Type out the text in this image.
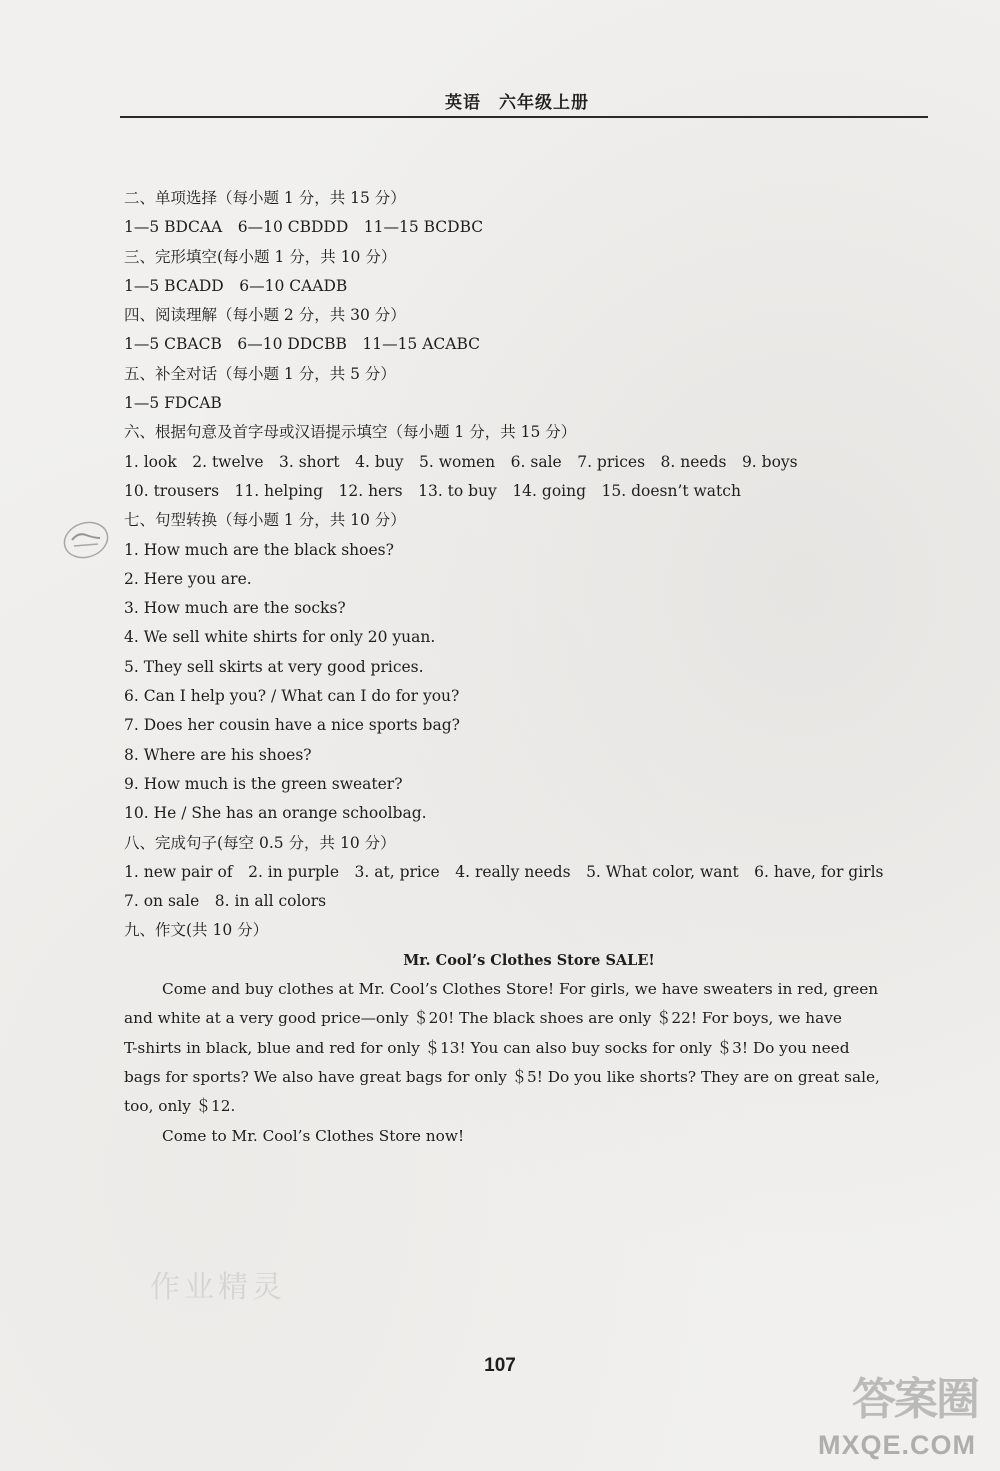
英语　六年级上册
二、单项选择（每小题 1 分，共 15 分）
1—5 BDCAA　6—10 CBDDD　11—15 BCDBC
三、完形填空(每小题 1 分，共 10 分）
1—5 BCADD　6—10 CAADB
四、阅读理解（每小题 2 分，共 30 分）
1—5 CBACB　6—10 DDCBB　11—15 ACABC
五、补全对话（每小题 1 分，共 5 分）
1—5 FDCAB
六、根据句意及首字母或汉语提示填空（每小题 1 分，共 15 分）
1. look　2. twelve　3. short　4. buy　5. women　6. sale　7. prices　8. needs　9. boys
10. trousers　11. helping　12. hers　13. to buy　14. going　15. doesn’t watch
七、句型转换（每小题 1 分，共 10 分）
1. How much are the black shoes?
2. Here you are.
3. How much are the socks?
4. We sell white shirts for only 20 yuan.
5. They sell skirts at very good prices.
6. Can I help you? / What can I do for you?
7. Does her cousin have a nice sports bag?
8. Where are his shoes?
9. How much is the green sweater?
10. He / She has an orange schoolbag.
八、完成句子(每空 0.5 分，共 10 分）
1. new pair of　2. in purple　3. at, price　4. really needs　5. What color, want　6. have, for girls
7. on sale　8. in all colors
九、作文(共 10 分）
Mr. Cool’s Clothes Store SALE!
Come and buy clothes at Mr. Cool’s Clothes Store! For girls, we have sweaters in red, green
and white at a very good price—only ＄20! The black shoes are only ＄22! For boys, we have
T-shirts in black, blue and red for only ＄13! You can also buy socks for only ＄3! Do you need
bags for sports? We also have great bags for only ＄5! Do you like shorts? They are on great sale,
too, only ＄12.
Come to Mr. Cool’s Clothes Store now!
作业精灵
107
答案圈
MXQE.COM
